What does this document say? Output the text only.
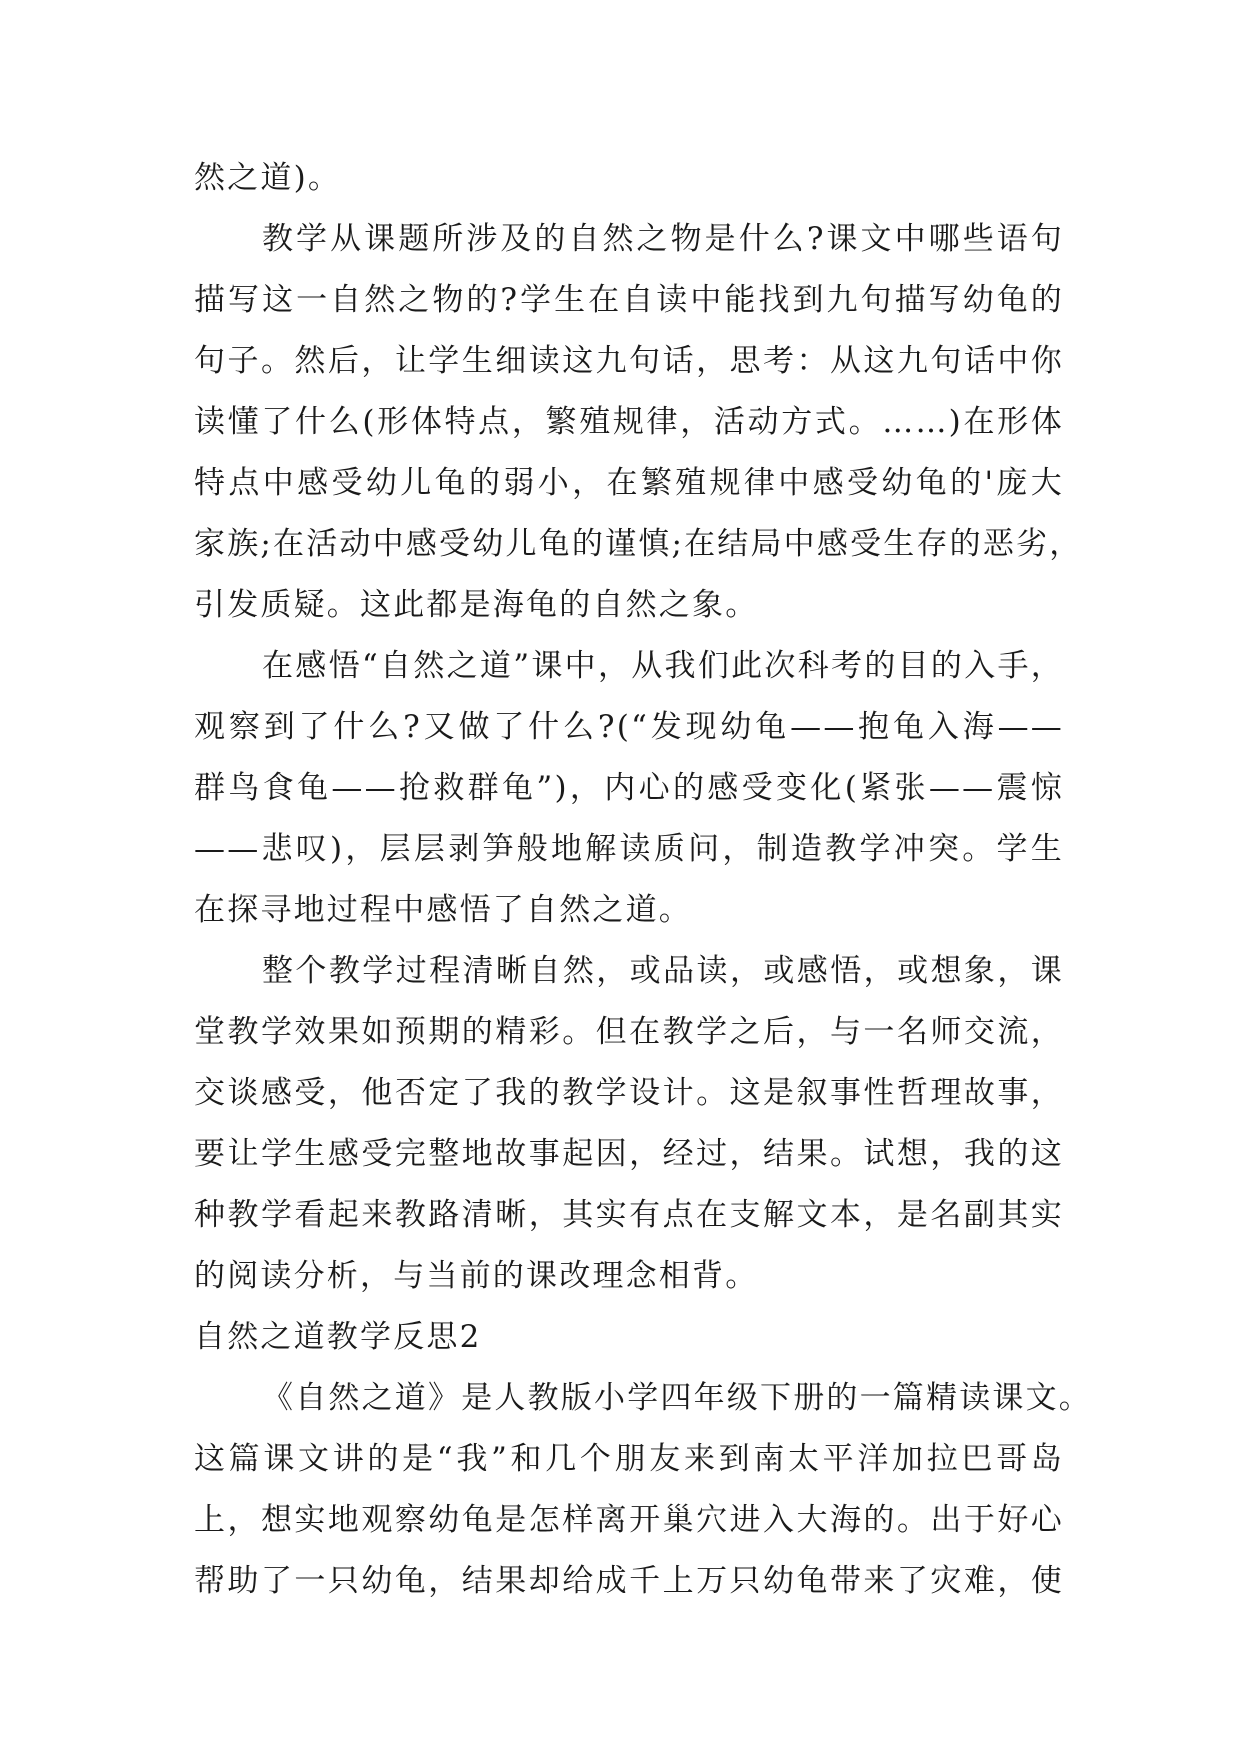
然之道)。
教学从课题所涉及的自然之物是什么?课文中哪些语句
描写这一自然之物的?学生在自读中能找到九句描写幼龟的
句子。然后，让学生细读这九句话，思考：从这九句话中你
读懂了什么(形体特点，繁殖规律，活动方式。……)在形体
特点中感受幼儿龟的弱小，在繁殖规律中感受幼龟的'庞大
家族;在活动中感受幼儿龟的谨慎;在结局中感受生存的恶劣，
引发质疑。这此都是海龟的自然之象。
在感悟“自然之道”课中，从我们此次科考的目的入手，
观察到了什么?又做了什么?(“发现幼龟——抱龟入海——
群鸟食龟——抢救群龟”)，内心的感受变化(紧张——震惊
——悲叹)，层层剥笋般地解读质问，制造教学冲突。学生
在探寻地过程中感悟了自然之道。
整个教学过程清晰自然，或品读，或感悟，或想象，课
堂教学效果如预期的精彩。但在教学之后，与一名师交流，
交谈感受，他否定了我的教学设计。这是叙事性哲理故事，
要让学生感受完整地故事起因，经过，结果。试想，我的这
种教学看起来教路清晰，其实有点在支解文本，是名副其实
的阅读分析，与当前的课改理念相背。
自然之道教学反思2
《自然之道》是人教版小学四年级下册的一篇精读课文。
这篇课文讲的是“我”和几个朋友来到南太平洋加拉巴哥岛
上，想实地观察幼龟是怎样离开巢穴进入大海的。出于好心
帮助了一只幼龟，结果却给成千上万只幼龟带来了灾难，使
